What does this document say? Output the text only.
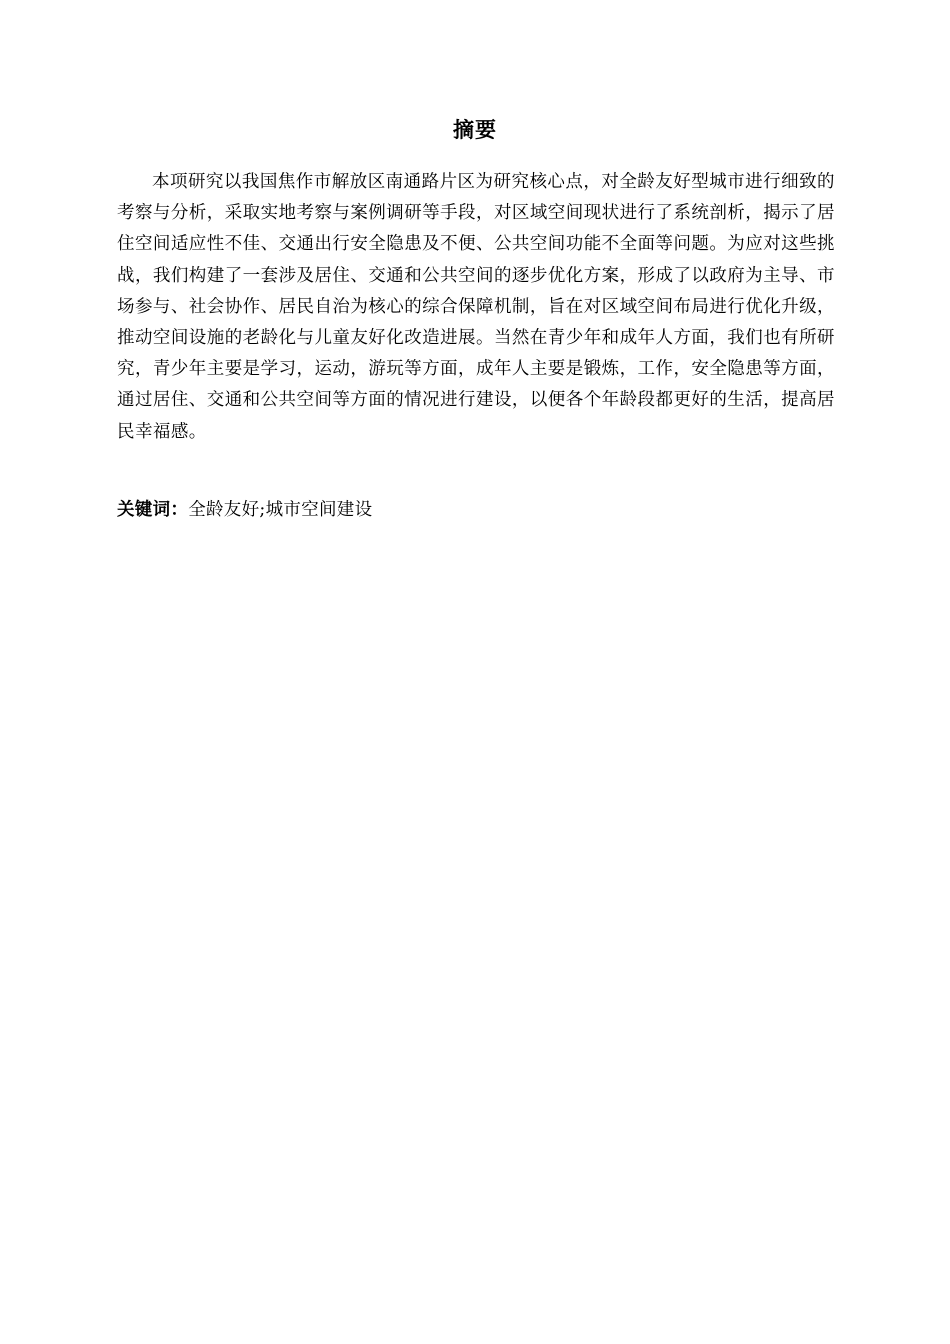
摘要

本项研究以我国焦作市解放区南通路片区为研究核心点，对全龄友好型城市进行细致的考察与分析，采取实地考察与案例调研等手段，对区域空间现状进行了系统剖析，揭示了居住空间适应性不佳、交通出行安全隐患及不便、公共空间功能不全面等问题。为应对这些挑战，我们构建了一套涉及居住、交通和公共空间的逐步优化方案，形成了以政府为主导、市场参与、社会协作、居民自治为核心的综合保障机制，旨在对区域空间布局进行优化升级，推动空间设施的老龄化与儿童友好化改造进展。当然在青少年和成年人方面，我们也有所研究，青少年主要是学习，运动，游玩等方面，成年人主要是锻炼，工作，安全隐患等方面，通过居住、交通和公共空间等方面的情况进行建设，以便各个年龄段都更好的生活，提高居民幸福感。

关键词：全龄友好;城市空间建设
